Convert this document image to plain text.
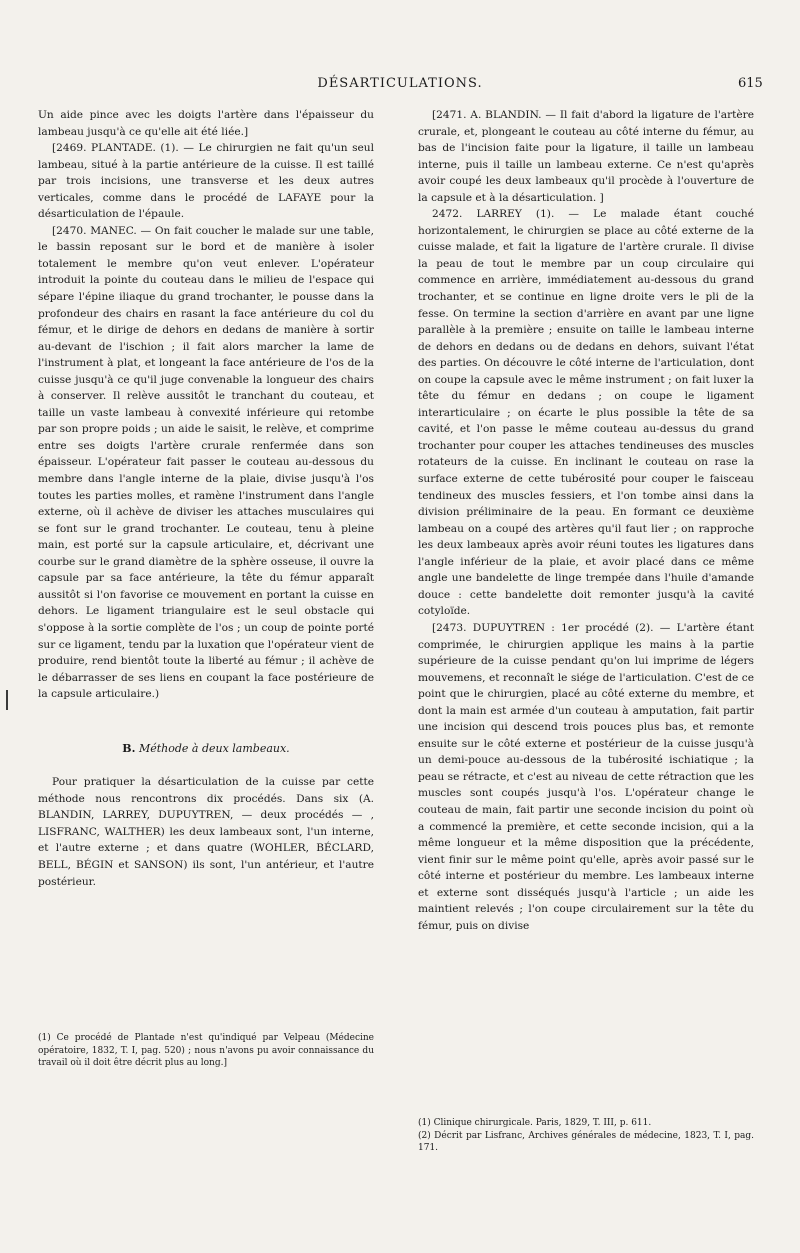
DÉSARTICULATIONS.	615

Un aide pince avec les doigts l'artère dans l'épaisseur du lambeau jusqu'à ce qu'elle ait été liée.]

[2469. PLANTADE. (1). — Le chirurgien ne fait qu'un seul lambeau, situé à la partie antérieure de la cuisse. Il est taillé par trois incisions, une transverse et les deux autres verticales, comme dans le procédé de LAFAYE pour la désarticulation de l'épaule.

[2470. MANEC. — On fait coucher le malade sur une table, le bassin reposant sur le bord et de manière à isoler totalement le membre qu'on veut enlever. L'opérateur introduit la pointe du couteau dans le milieu de l'espace qui sépare l'épine iliaque du grand trochanter, le pousse dans la profondeur des chairs en rasant la face antérieure du col du fémur, et le dirige de dehors en dedans de manière à sortir au-devant de l'ischion ; il fait alors marcher la lame de l'instrument à plat, et longeant la face antérieure de l'os de la cuisse jusqu'à ce qu'il juge convenable la longueur des chairs à conserver. Il relève aussitôt le tranchant du couteau, et taille un vaste lambeau à convexité inférieure qui retombe par son propre poids ; un aide le saisit, le relève, et comprime entre ses doigts l'artère crurale renfermée dans son épaisseur. L'opérateur fait passer le couteau au-dessous du membre dans l'angle interne de la plaie, divise jusqu'à l'os toutes les parties molles, et ramène l'instrument dans l'angle externe, où il achève de diviser les attaches musculaires qui se font sur le grand trochanter. Le couteau, tenu à pleine main, est porté sur la capsule articulaire, et, décrivant une courbe sur le grand diamètre de la sphère osseuse, il ouvre la capsule par sa face antérieure, la tête du fémur apparaît aussitôt si l'on favorise ce mouvement en portant la cuisse en dehors. Le ligament triangulaire est le seul obstacle qui s'oppose à la sortie complète de l'os ; un coup de pointe porté sur ce ligament, tendu par la luxation que l'opérateur vient de produire, rend bientôt toute la liberté au fémur ; il achève de le débarrasser de ses liens en coupant la face postérieure de la capsule articulaire.)

B. Méthode à deux lambeaux.

Pour pratiquer la désarticulation de la cuisse par cette méthode nous rencontrons dix procédés. Dans six (A. BLANDIN, LARREY, DUPUYTREN, — deux procédés — , LISFRANC, WALTHER) les deux lambeaux sont, l'un interne, et l'autre externe ; et dans quatre (WOHLER, BÉCLARD, BELL, BÉGIN et SANSON) ils sont, l'un antérieur, et l'autre postérieur.

(1) Ce procédé de Plantade n'est qu'indiqué par Velpeau (Médecine opératoire, 1832, T. I, pag. 520) ; nous n'avons pu avoir connaissance du travail où il doit être décrit plus au long.]

[2471. A. BLANDIN. — Il fait d'abord la ligature de l'artère crurale, et, plongeant le couteau au côté interne du fémur, au bas de l'incision faite pour la ligature, il taille un lambeau interne, puis il taille un lambeau externe. Ce n'est qu'après avoir coupé les deux lambeaux qu'il procède à l'ouverture de la capsule et à la désarticulation. ]

2472. LARREY (1). — Le malade étant couché horizontalement, le chirurgien se place au côté externe de la cuisse malade, et fait la ligature de l'artère crurale. Il divise la peau de tout le membre par un coup circulaire qui commence en arrière, immédiatement au-dessous du grand trochanter, et se continue en ligne droite vers le pli de la fesse. On termine la section d'arrière en avant par une ligne parallèle à la première ; ensuite on taille le lambeau interne de dehors en dedans ou de dedans en dehors, suivant l'état des parties. On découvre le côté interne de l'articulation, dont on coupe la capsule avec le même instrument ; on fait luxer la tête du fémur en dedans ; on coupe le ligament interarticulaire ; on écarte le plus possible la tête de sa cavité, et l'on passe le même couteau au-dessus du grand trochanter pour couper les attaches tendineuses des muscles rotateurs de la cuisse. En inclinant le couteau on rase la surface externe de cette tubérosité pour couper le faisceau tendineux des muscles fessiers, et l'on tombe ainsi dans la division préliminaire de la peau. En formant ce deuxième lambeau on a coupé des artères qu'il faut lier ; on rapproche les deux lambeaux après avoir réuni toutes les ligatures dans l'angle inférieur de la plaie, et avoir placé dans ce même angle une bandelette de linge trempée dans l'huile d'amande douce : cette bandelette doit remonter jusqu'à la cavité cotyloïde.

[2473. DUPUYTREN : 1er procédé (2). — L'artère étant comprimée, le chirurgien applique les mains à la partie supérieure de la cuisse pendant qu'on lui imprime de légers mouvemens, et reconnaît le siége de l'articulation. C'est de ce point que le chirurgien, placé au côté externe du membre, et dont la main est armée d'un couteau à amputation, fait partir une incision qui descend trois pouces plus bas, et remonte ensuite sur le côté externe et postérieur de la cuisse jusqu'à un demi-pouce au-dessous de la tubérosité ischiatique ; la peau se rétracte, et c'est au niveau de cette rétraction que les muscles sont coupés jusqu'à l'os. L'opérateur change le couteau de main, fait partir une seconde incision du point où a commencé la première, et cette seconde incision, qui a la même longueur et la même disposition que la précédente, vient finir sur le même point qu'elle, après avoir passé sur le côté interne et postérieur du membre. Les lambeaux interne et externe sont disséqués jusqu'à l'article ; un aide les maintient relevés ; l'on coupe circulairement sur la tête du fémur, puis on divise

(1) Clinique chirurgicale. Paris, 1829, T. III, p. 611.
(2) Décrit par Lisfranc, Archives générales de médecine, 1823, T. I, pag. 171.
